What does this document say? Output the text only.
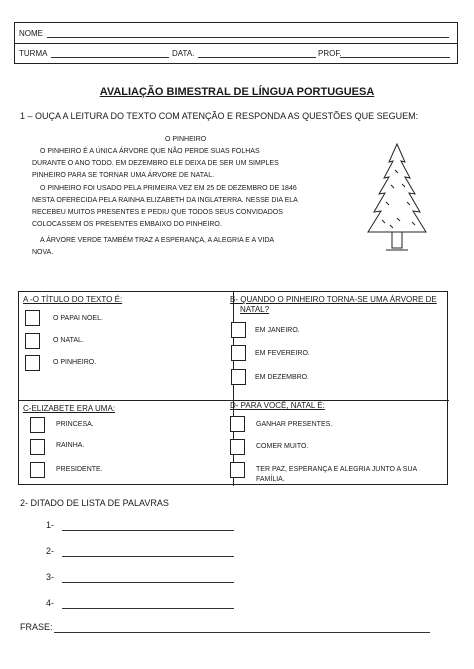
NOME
TURMA	DATA.	PROF.
AVALIAÇÃO BIMESTRAL DE LÍNGUA PORTUGUESA
1 – OUÇA A LEITURA DO TEXTO COM ATENÇÃO E RESPONDA AS QUESTÕES QUE SEGUEM:
O PINHEIRO
O PINHEIRO É A ÚNICA ÁRVORE QUE NÃO PERDE SUAS FOLHAS
DURANTE O ANO TODO. EM DEZEMBRO ELE DEIXA DE SER UM SIMPLES
PINHEIRO PARA SE TORNAR UMA ÁRVORE DE NATAL.
O PINHEIRO FOI USADO PELA PRIMEIRA VEZ EM 25 DE DEZEMBRO DE 1846
NESTA OFERECIDA PELA RAINHA ELIZABETH DA INGLATERRA. NESSE DIA ELA
RECEBEU MUITOS PRESENTES E PEDIU QUE TODOS SEUS CONVIDADOS
COLOCASSEM OS PRESENTES EMBAIXO DO PINHEIRO.
A ÁRVORE VERDE TAMBÉM TRAZ A ESPERANÇA, A ALEGRIA E A VIDA
NOVA.
A -O TÍTULO DO TEXTO É:
O PAPAI NOEL.
O NATAL.
O PINHEIRO.
B- QUANDO O PINHEIRO TORNA-SE UMA ÁRVORE DE
NATAL?
EM JANEIRO.
EM FEVEREIRO.
EM DEZEMBRO.
C-ELIZABETE ERA UMA:
PRINCESA.
RAINHA.
PRESIDENTE.
D- PARA VOCÊ, NATAL É:
GANHAR PRESENTES.
COMER MUITO.
TER PAZ, ESPERANÇA E ALEGRIA JUNTO A SUA
FAMÍLIA.
2- DITADO DE LISTA DE PALAVRAS
1-
2-
3-
4-
FRASE:
